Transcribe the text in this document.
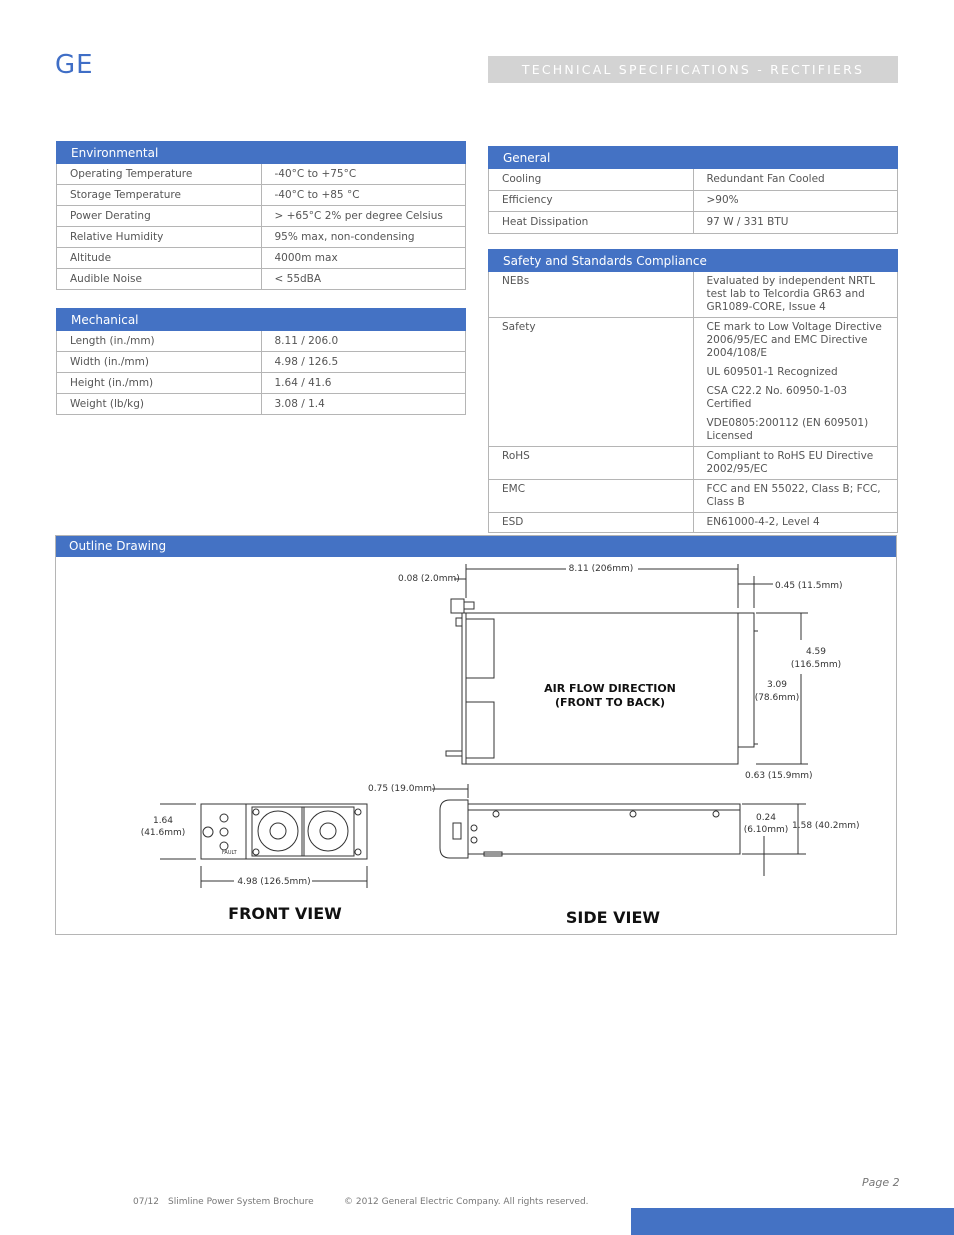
GE	TECHNICAL SPECIFICATIONS - RECTIFIERS
Environmental	
Operating Temperature	-40°C to +75°C
Storage Temperature	-40°C to +85 °C
Power Derating	> +65°C 2% per degree Celsius
Relative Humidity	95% max, non-condensing
Altitude	4000m max
Audible Noise	< 55dBA
Mechanical	
Length (in./mm)	8.11 / 206.0
Width (in./mm)	4.98 / 126.5
Height (in./mm)	1.64 / 41.6
Weight (lb/kg)	3.08 / 1.4
General	
Cooling	Redundant Fan Cooled
Efficiency	>90%
Heat Dissipation	97 W / 331 BTU
Safety and Standards Compliance	
NEBs	Evaluated by independent NRTL test lab to Telcordia GR63 and GR1089-CORE, Issue 4

Safety	CE mark to Low Voltage Directive 2006/95/EC and EMC Directive 2004/108/E
UL 609501-1 Recognized
CSA C22.2 No. 60950-1-03 Certified
VDE0805:200112 (EN 609501) Licensed

RoHS	Compliant to RoHS EU Directive 2002/95/EC

EMC	FCC and EN 55022, Class B; FCC, Class B

ESD	EN61000-4-2, Level 4
Outline Drawing
8.11 (206mm)
0.08 (2.0mm)
0.45 (11.5mm)
4.59
(116.5mm)
3.09
(78.6mm)
0.63 (15.9mm)
0.75 (19.0mm)
1.64
(41.6mm)
4.98 (126.5mm)
0.24
(6.10mm) 1.58 (40.2mm)
FAULT
AIR FLOW DIRECTION
(FRONT TO BACK)
FRONT VIEW	SIDE VIEW
Page 2
07/12 Slimline Power System Brochure	© 2012 General Electric Company. All rights reserved.
